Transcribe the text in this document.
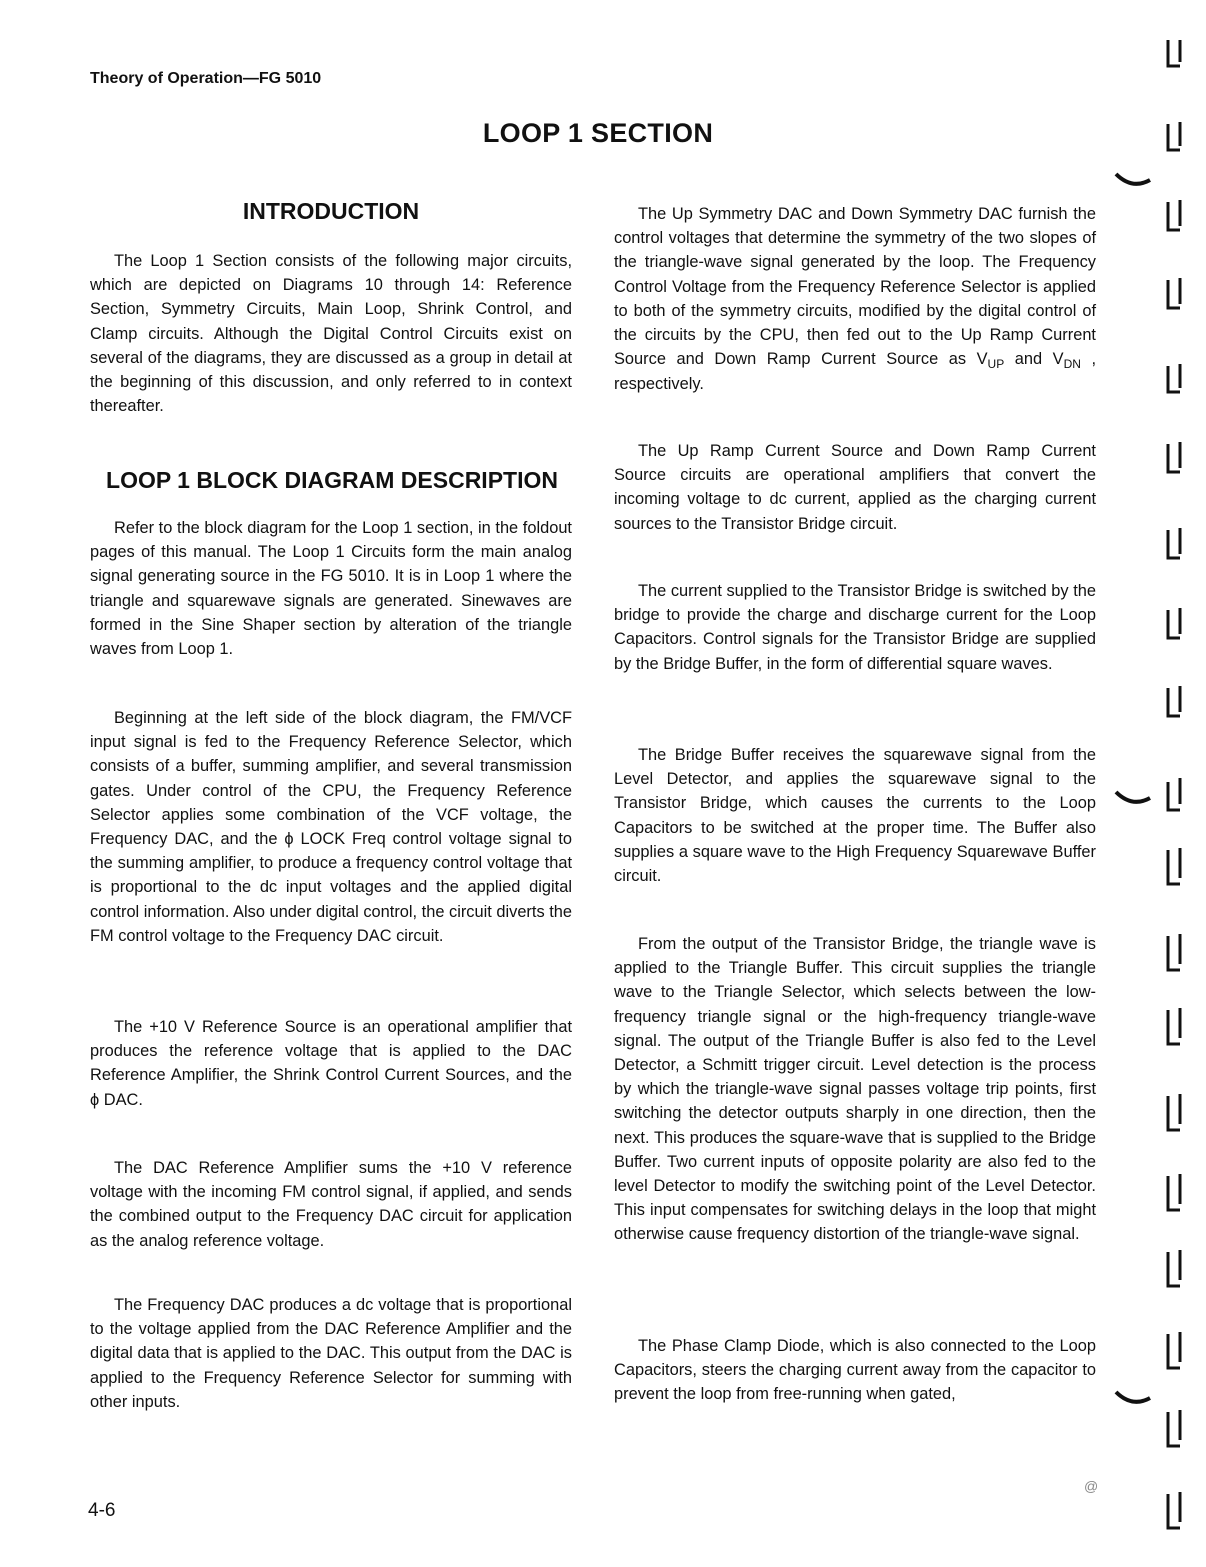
Theory of Operation—FG 5010
LOOP 1 SECTION
INTRODUCTION

The Loop 1 Section consists of the following major circuits, which are depicted on Diagrams 10 through 14: Reference Section, Symmetry Circuits, Main Loop, Shrink Control, and Clamp circuits. Although the Digital Control Circuits exist on several of the diagrams, they are discussed as a group in detail at the beginning of this discussion, and only referred to in context thereafter.

LOOP 1 BLOCK DIAGRAM DESCRIPTION

Refer to the block diagram for the Loop 1 section, in the foldout pages of this manual. The Loop 1 Circuits form the main analog signal generating source in the FG 5010. It is in Loop 1 where the triangle and squarewave signals are generated. Sinewaves are formed in the Sine Shaper section by alteration of the triangle waves from Loop 1.

Beginning at the left side of the block diagram, the FM/VCF input signal is fed to the Frequency Reference Selector, which consists of a buffer, summing amplifier, and several transmission gates. Under control of the CPU, the Frequency Reference Selector applies some combination of the VCF voltage, the Frequency DAC, and the ϕ LOCK Freq control voltage signal to the summing amplifier, to produce a frequency control voltage that is proportional to the dc input voltages and the applied digital control information. Also under digital control, the circuit diverts the FM control voltage to the Frequency DAC circuit.

The +10 V Reference Source is an operational amplifier that produces the reference voltage that is applied to the DAC Reference Amplifier, the Shrink Control Current Sources, and the ϕ DAC.

The DAC Reference Amplifier sums the +10 V reference voltage with the incoming FM control signal, if applied, and sends the combined output to the Frequency DAC circuit for application as the analog reference voltage.

The Frequency DAC produces a dc voltage that is proportional to the voltage applied from the DAC Reference Amplifier and the digital data that is applied to the DAC. This output from the DAC is applied to the Frequency Reference Selector for summing with other inputs.

The Up Symmetry DAC and Down Symmetry DAC furnish the control voltages that determine the symmetry of the two slopes of the triangle-wave signal generated by the loop. The Frequency Control Voltage from the Frequency Reference Selector is applied to both of the symmetry circuits, modified by the digital control of the circuits by the CPU, then fed out to the Up Ramp Current Source and Down Ramp Current Source as $V_{UP}$ and $V_{DN}$ , respectively.

The Up Ramp Current Source and Down Ramp Current Source circuits are operational amplifiers that convert the incoming voltage to dc current, applied as the charging current sources to the Transistor Bridge circuit.

The current supplied to the Transistor Bridge is switched by the bridge to provide the charge and discharge current for the Loop Capacitors. Control signals for the Transistor Bridge are supplied by the Bridge Buffer, in the form of differential square waves.

The Bridge Buffer receives the squarewave signal from the Level Detector, and applies the squarewave signal to the Transistor Bridge, which causes the currents to the Loop Capacitors to be switched at the proper time. The Buffer also supplies a square wave to the High Frequency Squarewave Buffer circuit.

From the output of the Transistor Bridge, the triangle wave is applied to the Triangle Buffer. This circuit supplies the triangle wave to the Triangle Selector, which selects between the low-frequency triangle signal or the high-frequency triangle-wave signal. The output of the Triangle Buffer is also fed to the Level Detector, a Schmitt trigger circuit. Level detection is the process by which the triangle-wave signal passes voltage trip points, first switching the detector outputs sharply in one direction, then the next. This produces the square-wave that is supplied to the Bridge Buffer. Two current inputs of opposite polarity are also fed to the level Detector to modify the switching point of the Level Detector. This input compensates for switching delays in the loop that might otherwise cause frequency distortion of the triangle-wave signal.

The Phase Clamp Diode, which is also connected to the Loop Capacitors, steers the charging current away from the capacitor to prevent the loop from free-running when gated,

4-6
@
